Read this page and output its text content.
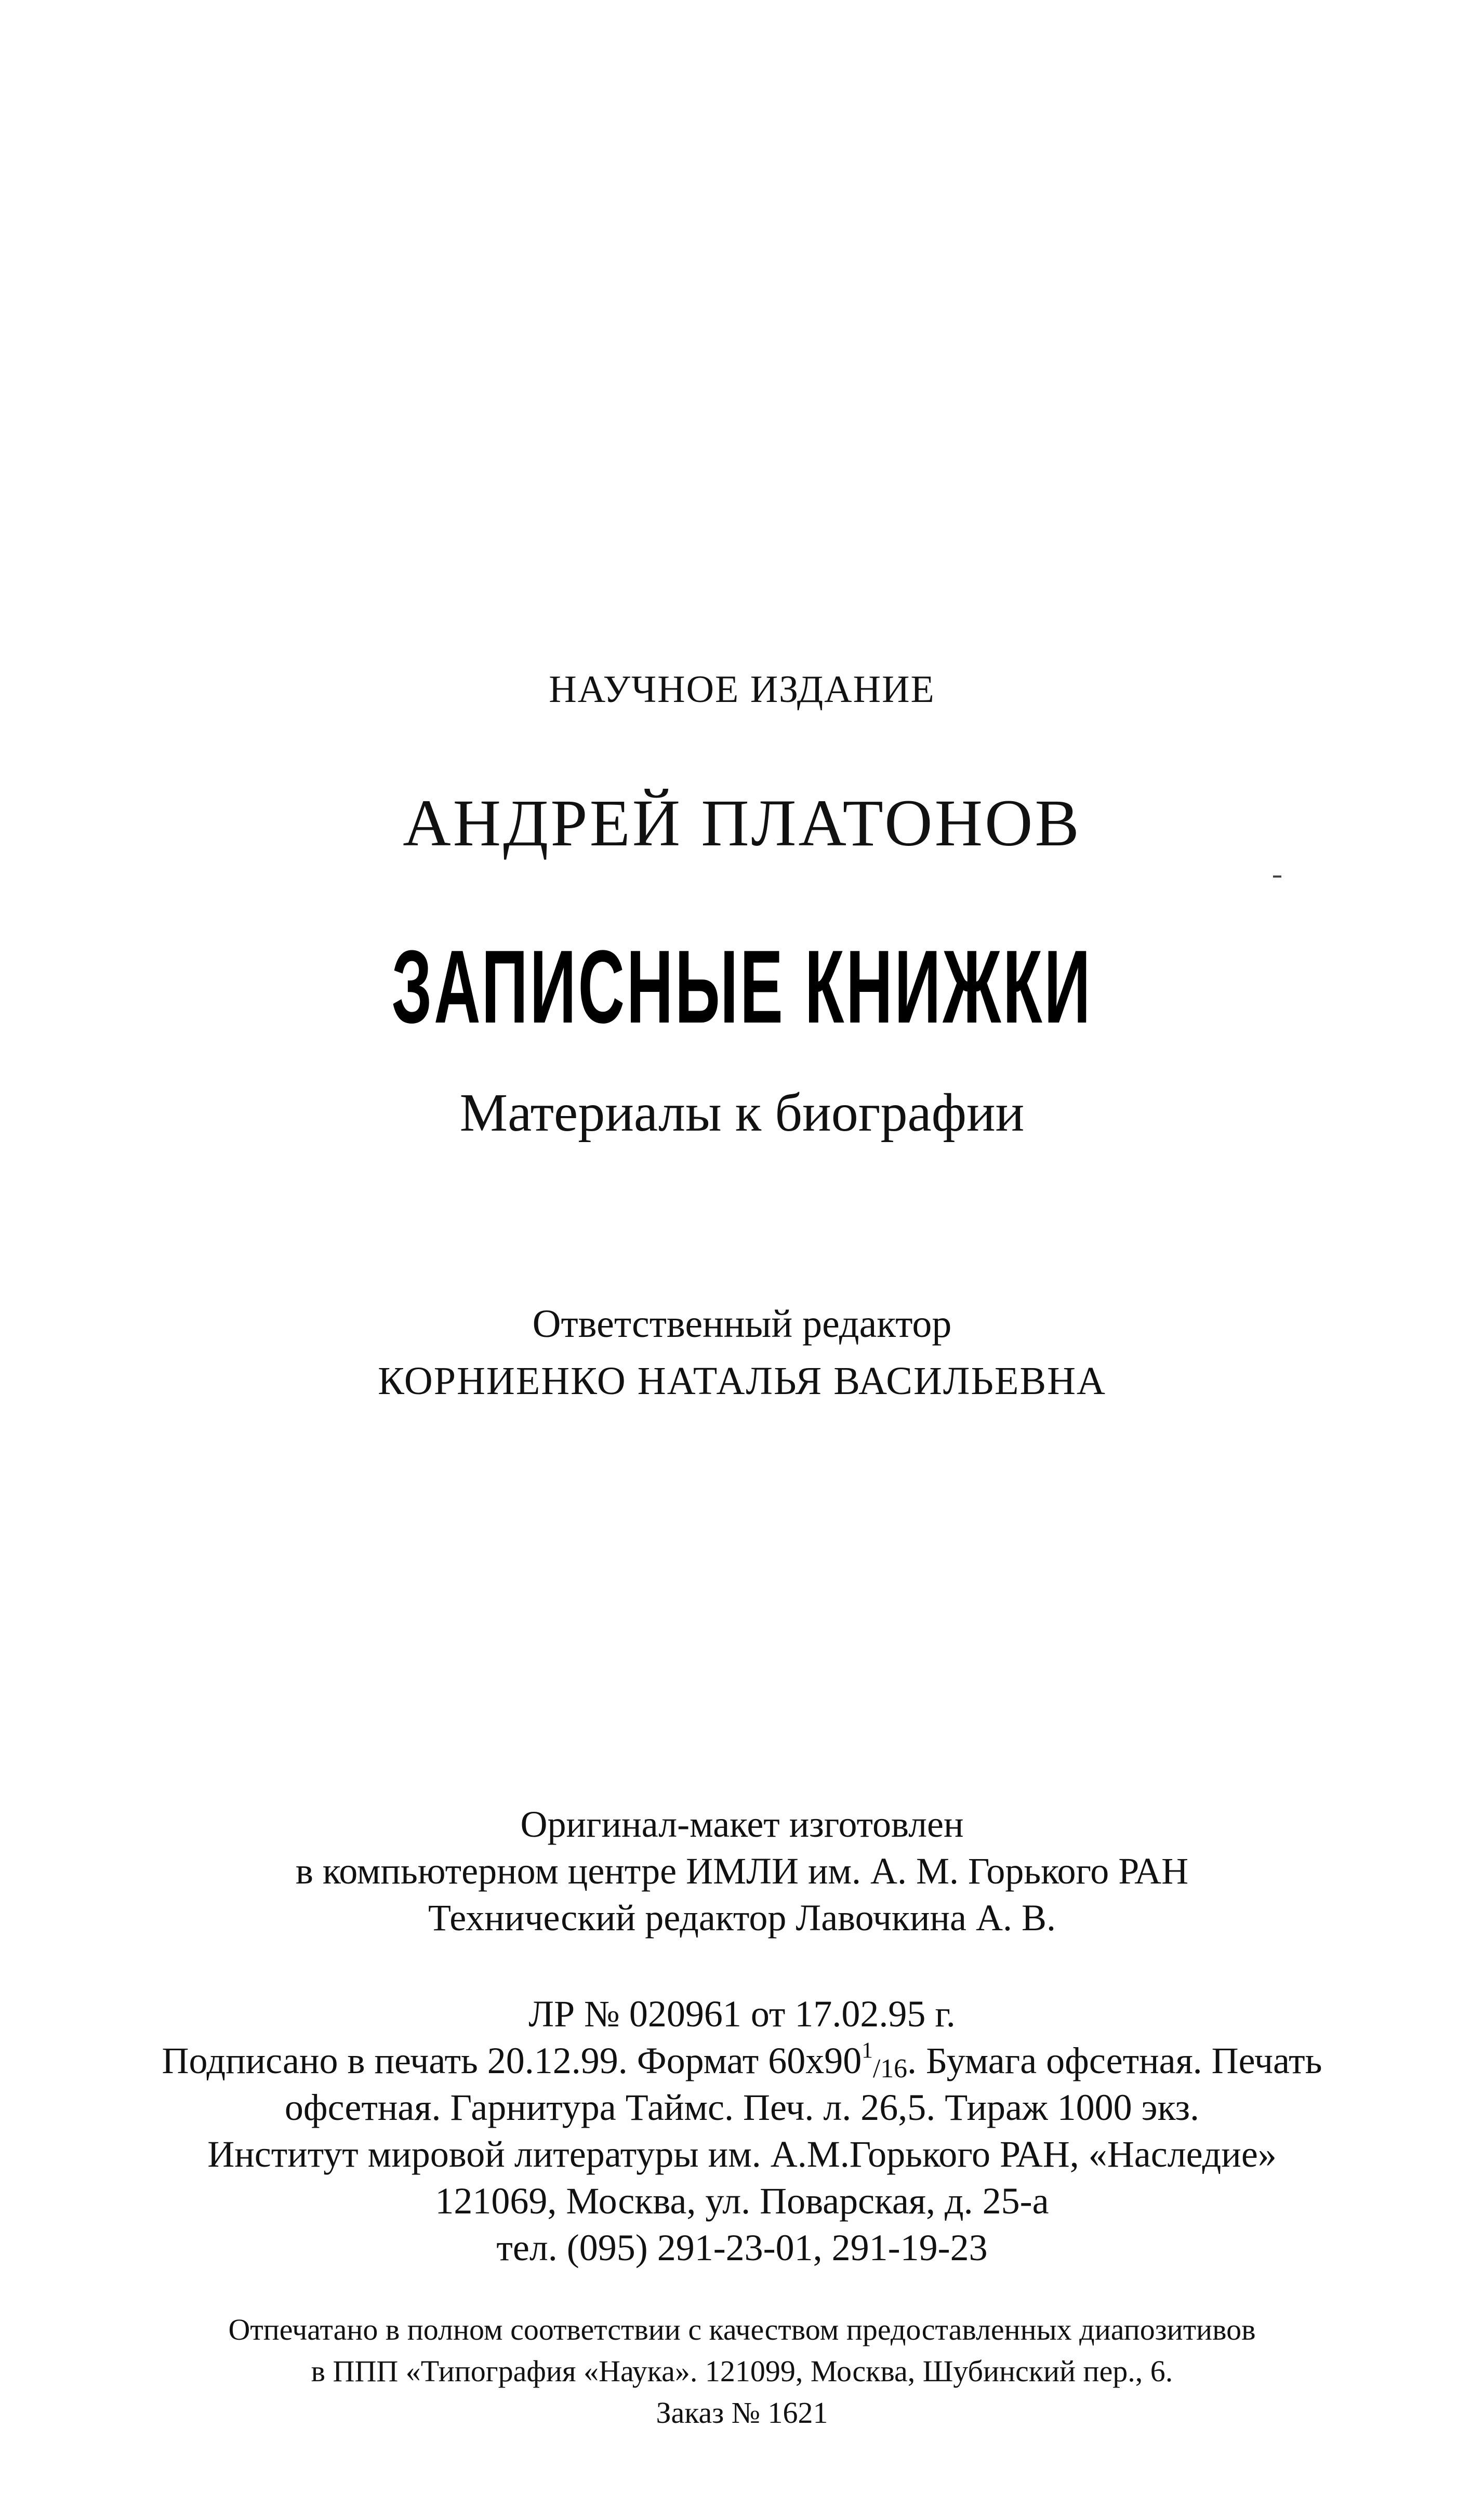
НАУЧНОЕ ИЗДАНИЕ
АНДРЕЙ ПЛАТОНОВ
ЗАПИСНЫЕ КНИЖКИ
Материалы к биографии
Ответственный редактор
КОРНИЕНКО НАТАЛЬЯ ВАСИЛЬЕВНА
Оригинал-макет изготовлен
в компьютерном центре ИМЛИ им. А. М. Горького РАН
Технический редактор Лавочкина А. В.
ЛР № 020961 от 17.02.95 г.
Подписано в печать 20.12.99. Формат $60х90^1_{/16}$. Бумага офсетная. Печать
офсетная. Гарнитура Таймс. Печ. л. 26,5. Тираж 1000 экз.
Институт мировой литературы им. А.М.Горького РАН, «Наследие»
121069, Москва, ул. Поварская, д. 25-а
тел. (095) 291-23-01, 291-19-23
Отпечатано в полном соответствии с качеством предоставленных диапозитивов
в ППП «Типография «Наука». 121099, Москва, Шубинский пер., 6.
Заказ № 1621
